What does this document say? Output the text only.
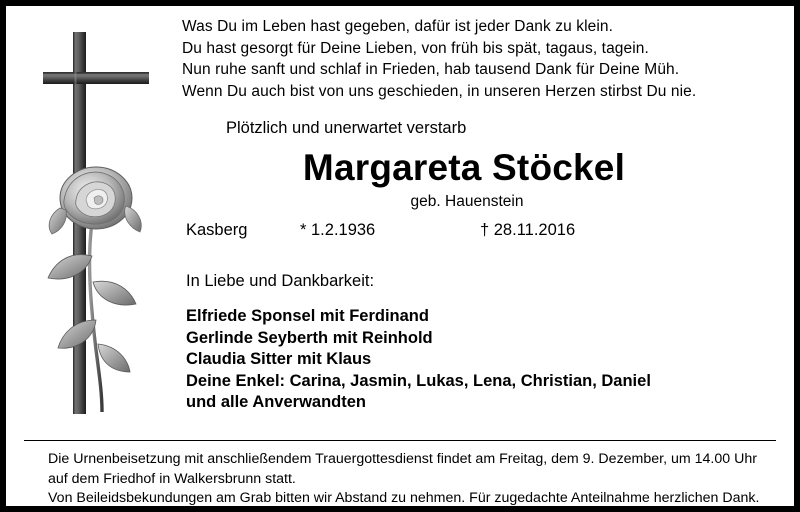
Was Du im Leben hast gegeben, dafür ist jeder Dank zu klein.
Du hast gesorgt für Deine Lieben, von früh bis spät, tagaus, tagein.
Nun ruhe sanft und schlaf in Frieden, hab tausend Dank für Deine Müh.
Wenn Du auch bist von uns geschieden, in unseren Herzen stirbst Du nie.
Plötzlich und unerwartet verstarb
Margareta Stöckel
geb. Hauenstein
Kasberg	* 1.2.1936	† 28.11.2016
In Liebe und Dankbarkeit:
Elfriede Sponsel mit Ferdinand
Gerlinde Seyberth mit Reinhold
Claudia Sitter mit Klaus
Deine Enkel: Carina, Jasmin, Lukas, Lena, Christian, Daniel
und alle Anverwandten
Die Urnenbeisetzung mit anschließendem Trauergottesdienst findet am Freitag, dem 9. Dezember, um 14.00 Uhr
auf dem Friedhof in Walkersbrunn statt.
Von Beileidsbekundungen am Grab bitten wir Abstand zu nehmen. Für zugedachte Anteilnahme herzlichen Dank.
